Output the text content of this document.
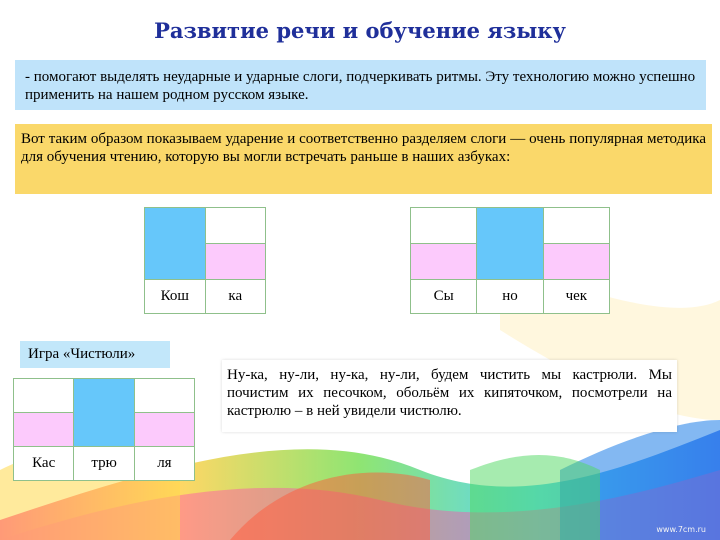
Развитие речи и обучение языку
- помогают выделять неударные и ударные слоги, подчеркивать ритмы. Эту технологию можно успешно применить на нашем родном русском языке.
Вот таким образом показываем ударение и соответственно разделяем слоги — очень популярная методика для обучения чтению, которую вы могли встречать раньше в наших азбуках:

Кош	ка

		Сы	но	чек
Игра «Чистюли»

Кас	трю	ля
Ну-ка, ну-ли, ну-ка, ну-ли, будем чистить мы кастрюли. Мы почистим их песочком, обольём их кипяточком, посмотрели на кастрюлю – в ней увидели чистюлю.
www.7cm.ru
